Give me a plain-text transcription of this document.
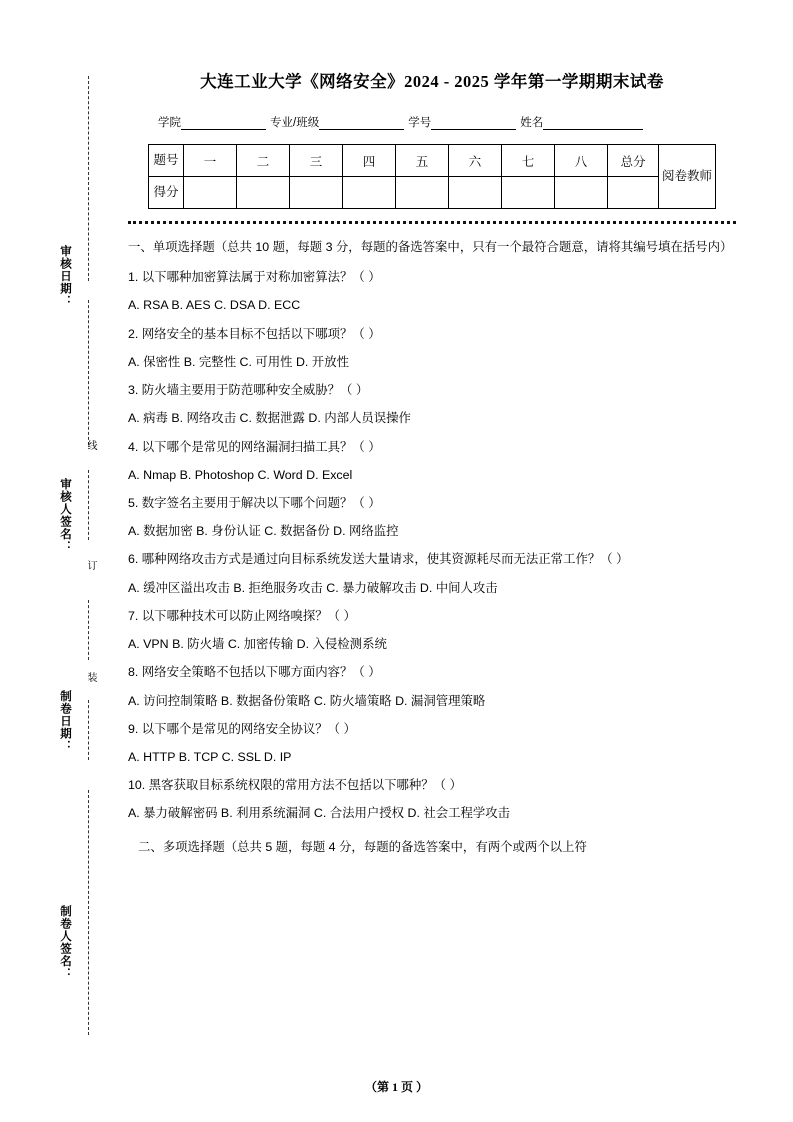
审核日期：
审核人签名：
制卷日期：
制卷人签名：
线
订
装
大连工业大学《网络安全》2024 - 2025 学年第一学期期末试卷
学院	专业/班级	学号	姓名
题号	一	二	三	四	五	六	七	八	总分	阅卷教师
得分										
一、单项选择题（总共 10 题，每题 3 分，每题的备选答案中，只有一个最符合题意，请将其编号填在括号内）
1. 以下哪种加密算法属于对称加密算法？（ ）
A. RSA B. AES C. DSA D. ECC
2. 网络安全的基本目标不包括以下哪项？（ ）
A. 保密性 B. 完整性 C. 可用性 D. 开放性
3. 防火墙主要用于防范哪种安全威胁？（ ）
A. 病毒 B. 网络攻击 C. 数据泄露 D. 内部人员误操作
4. 以下哪个是常见的网络漏洞扫描工具？（ ）
A. Nmap B. Photoshop C. Word D. Excel
5. 数字签名主要用于解决以下哪个问题？（ ）
A. 数据加密 B. 身份认证 C. 数据备份 D. 网络监控
6. 哪种网络攻击方式是通过向目标系统发送大量请求，使其资源耗尽而无法正常工作？（ ）
A. 缓冲区溢出攻击 B. 拒绝服务攻击 C. 暴力破解攻击 D. 中间人攻击
7. 以下哪种技术可以防止网络嗅探？（ ）
A. VPN B. 防火墙 C. 加密传输 D. 入侵检测系统
8. 网络安全策略不包括以下哪方面内容？（ ）
A. 访问控制策略 B. 数据备份策略 C. 防火墙策略 D. 漏洞管理策略
9. 以下哪个是常见的网络安全协议？（ ）
A. HTTP B. TCP C. SSL D. IP
10. 黑客获取目标系统权限的常用方法不包括以下哪种？（ ）
A. 暴力破解密码 B. 利用系统漏洞 C. 合法用户授权 D. 社会工程学攻击
二、多项选择题（总共 5 题，每题 4 分，每题的备选答案中，有两个或两个以上符
（第 1 页 ）
